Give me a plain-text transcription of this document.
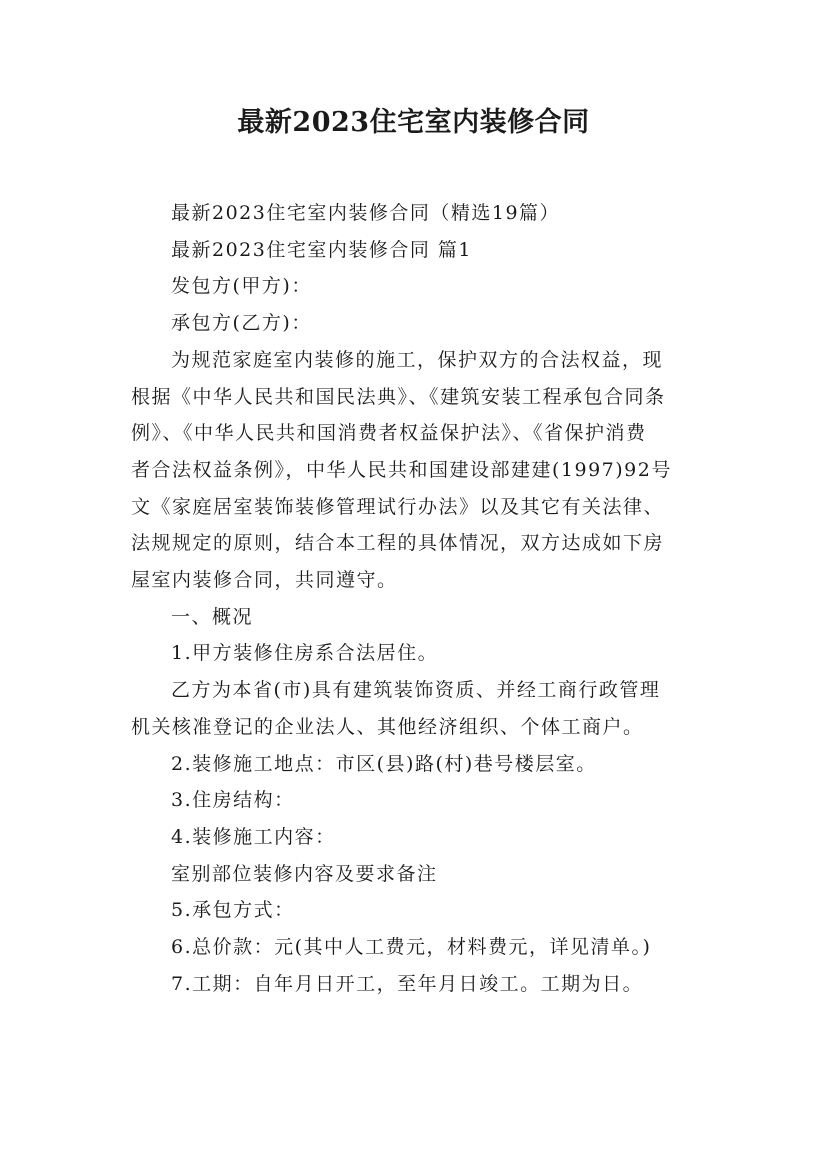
最新2023住宅室内装修合同

最新2023住宅室内装修合同（精选19篇）

最新2023住宅室内装修合同 篇1

发包方(甲方)：

承包方(乙方)：

为规范家庭室内装修的施工，保护双方的合法权益，现

根据《中华人民共和国民法典》、《建筑安装工程承包合同条

例》、《中华人民共和国消费者权益保护法》、《省保护消费

者合法权益条例》，中华人民共和国建设部建建(1997)92号

文《家庭居室装饰装修管理试行办法》以及其它有关法律、

法规规定的原则，结合本工程的具体情况，双方达成如下房

屋室内装修合同，共同遵守。

一、概况

1.甲方装修住房系合法居住。

乙方为本省(市)具有建筑装饰资质、并经工商行政管理

机关核准登记的企业法人、其他经济组织、个体工商户。

2.装修施工地点：市区(县)路(村)巷号楼层室。

3.住房结构：

4.装修施工内容：

室别部位装修内容及要求备注

5.承包方式：

6.总价款：元(其中人工费元，材料费元，详见清单。)

7.工期：自年月日开工，至年月日竣工。工期为日。
